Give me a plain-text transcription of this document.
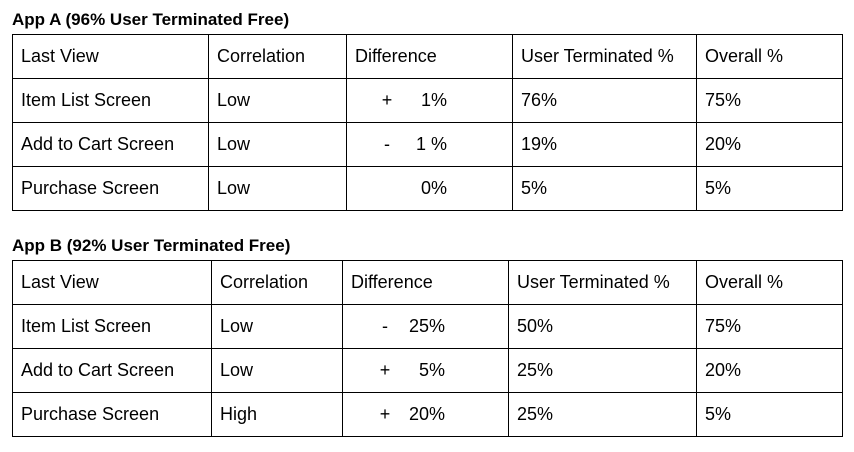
App A (96% User Terminated Free)
Last View	Correlation	Difference	User Terminated %	Overall %
Item List Screen	Low	+ 1%	76%	75%
Add to Cart Screen	Low	- 1 %	19%	20%
Purchase Screen	Low	0%	5%	5%
App B (92% User Terminated Free)
Last View	Correlation	Difference	User Terminated %	Overall %
Item List Screen	Low	- 25%	50%	75%
Add to Cart Screen	Low	+ 5%	25%	20%
Purchase Screen	High	+ 20%	25%	5%
